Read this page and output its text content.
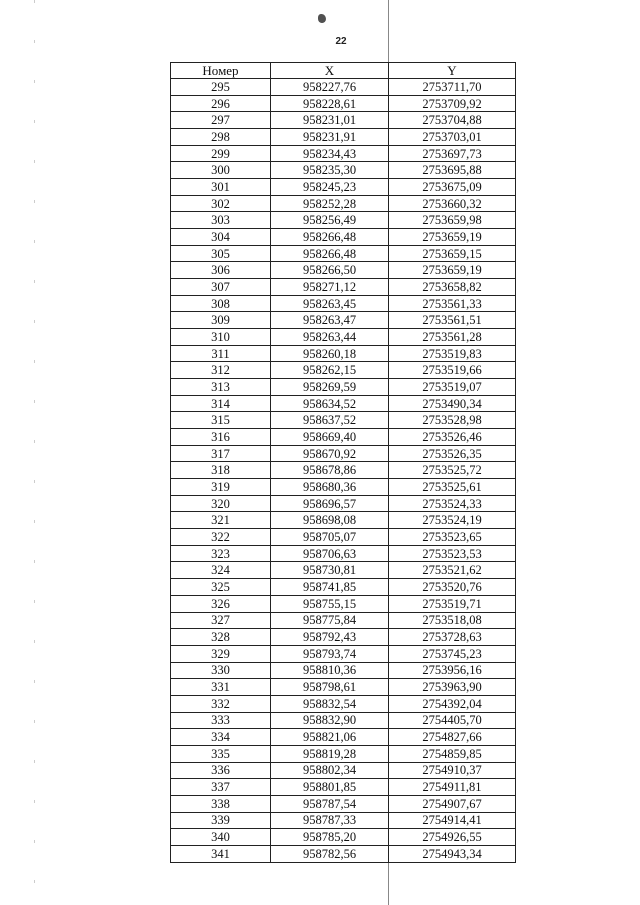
22
Номер	X	Y
295	958227,76	2753711,70
296	958228,61	2753709,92
297	958231,01	2753704,88
298	958231,91	2753703,01
299	958234,43	2753697,73
300	958235,30	2753695,88
301	958245,23	2753675,09
302	958252,28	2753660,32
303	958256,49	2753659,98
304	958266,48	2753659,19
305	958266,48	2753659,15
306	958266,50	2753659,19
307	958271,12	2753658,82
308	958263,45	2753561,33
309	958263,47	2753561,51
310	958263,44	2753561,28
311	958260,18	2753519,83
312	958262,15	2753519,66
313	958269,59	2753519,07
314	958634,52	2753490,34
315	958637,52	2753528,98
316	958669,40	2753526,46
317	958670,92	2753526,35
318	958678,86	2753525,72
319	958680,36	2753525,61
320	958696,57	2753524,33
321	958698,08	2753524,19
322	958705,07	2753523,65
323	958706,63	2753523,53
324	958730,81	2753521,62
325	958741,85	2753520,76
326	958755,15	2753519,71
327	958775,84	2753518,08
328	958792,43	2753728,63
329	958793,74	2753745,23
330	958810,36	2753956,16
331	958798,61	2753963,90
332	958832,54	2754392,04
333	958832,90	2754405,70
334	958821,06	2754827,66
335	958819,28	2754859,85
336	958802,34	2754910,37
337	958801,85	2754911,81
338	958787,54	2754907,67
339	958787,33	2754914,41
340	958785,20	2754926,55
341	958782,56	2754943,34
